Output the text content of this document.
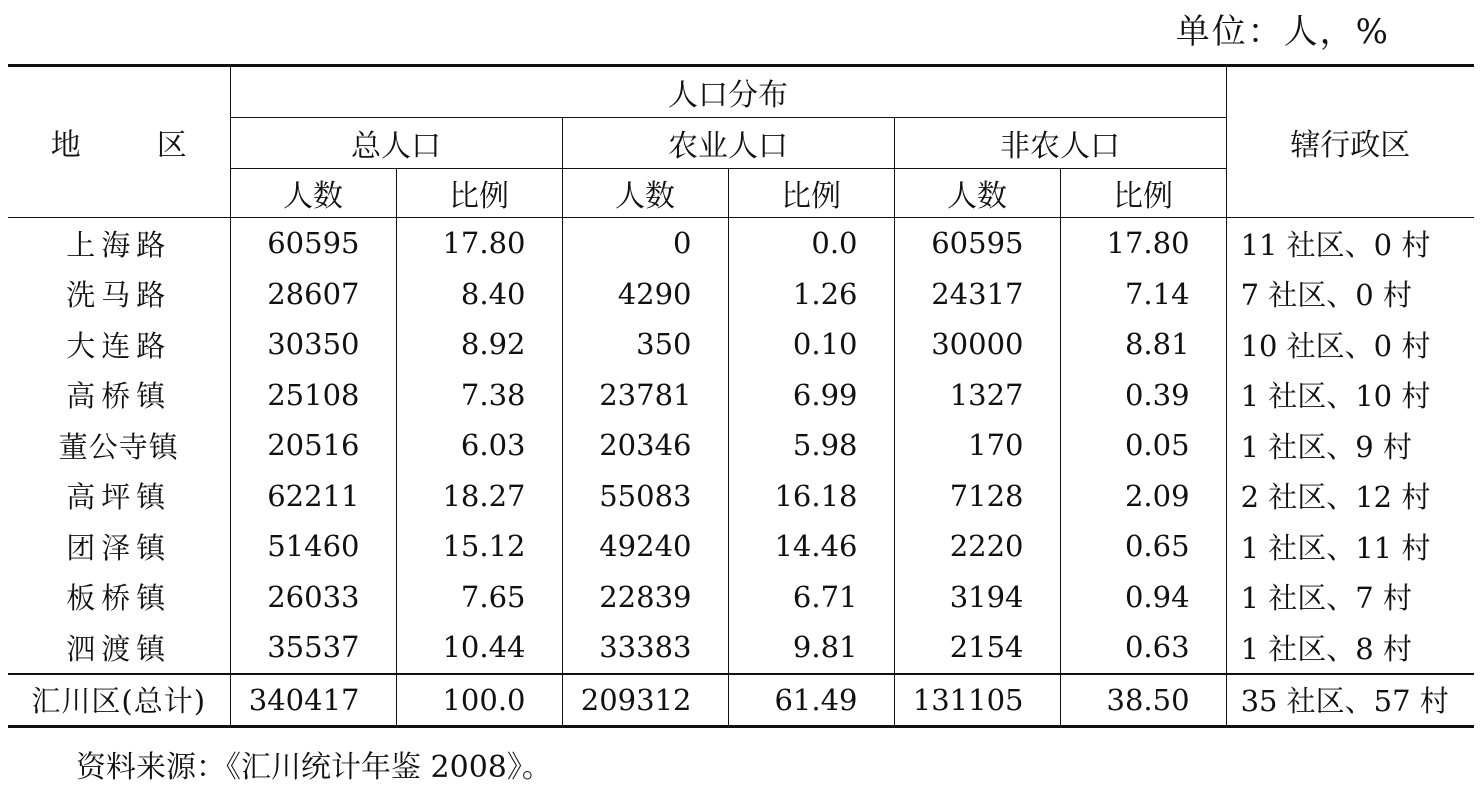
单位：人，%
地 区	人口分布						辖行政区
	总人口		农业人口		非农人口		
	人数	比例	人数	比例	人数	比例	
上海路	60595	17.80	0	0.0	60595	17.80	11 社区、0 村
洗马路	28607	8.40	4290	1.26	24317	7.14	7 社区、0 村
大连路	30350	8.92	350	0.10	30000	8.81	10 社区、0 村
高桥镇	25108	7.38	23781	6.99	1327	0.39	1 社区、10 村
董公寺镇	20516	6.03	20346	5.98	170	0.05	1 社区、9 村
高坪镇	62211	18.27	55083	16.18	7128	2.09	2 社区、12 村
团泽镇	51460	15.12	49240	14.46	2220	0.65	1 社区、11 村
板桥镇	26033	7.65	22839	6.71	3194	0.94	1 社区、7 村
泗渡镇	35537	10.44	33383	9.81	2154	0.63	1 社区、8 村
汇川区(总计)	340417	100.0	209312	61.49	131105	38.50	35 社区、57 村
资料来源：《汇川统计年鉴 2008》。
